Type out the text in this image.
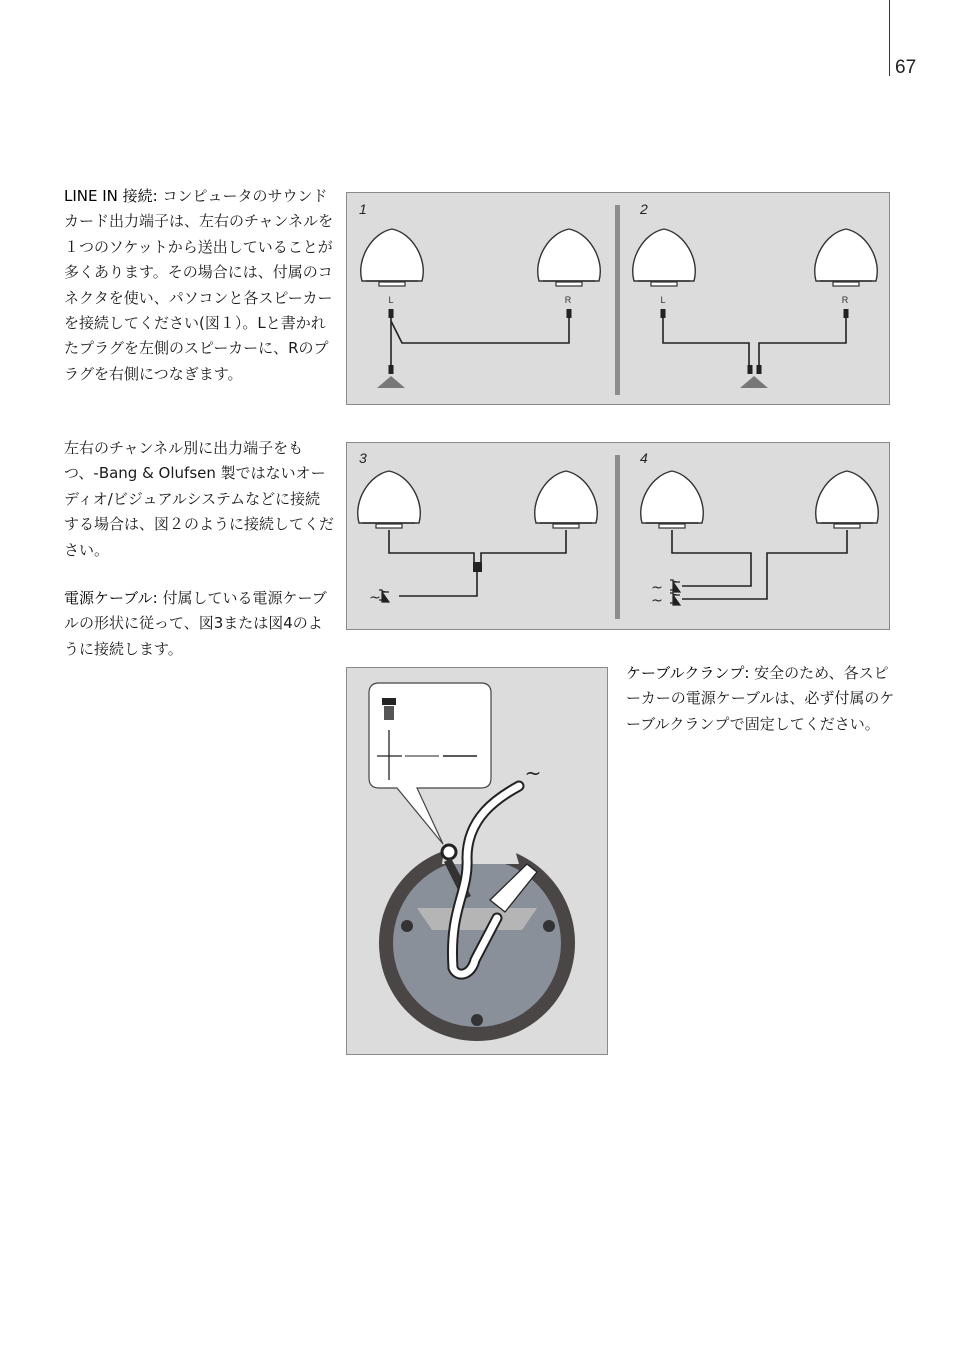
67

LINE IN 接続: コンピュータのサウンドカード出力端子は、左右のチャンネルを１つのソケットから送出していることが多くあります。その場合には、付属のコネクタを使い、パソコンと各スピーカーを接続してください(図１）。Lと書かれたプラグを左側のスピーカーに、Rのプラグを右側につなぎます。

左右のチャンネル別に出力端子をもつ、-Bang & Olufsen 製ではないオーディオ/ビジュアルシステムなどに接続する場合は、図２のように接続してください。

電源ケーブル: 付属している電源ケーブルの形状に従って、図3または図4のように接続します。

ケーブルクランプ: 安全のため、各スピーカーの電源ケーブルは、必ず付属のケーブルクランプで固定してください。

L	R	L	R
1	2
~
~
~
3	4
~
